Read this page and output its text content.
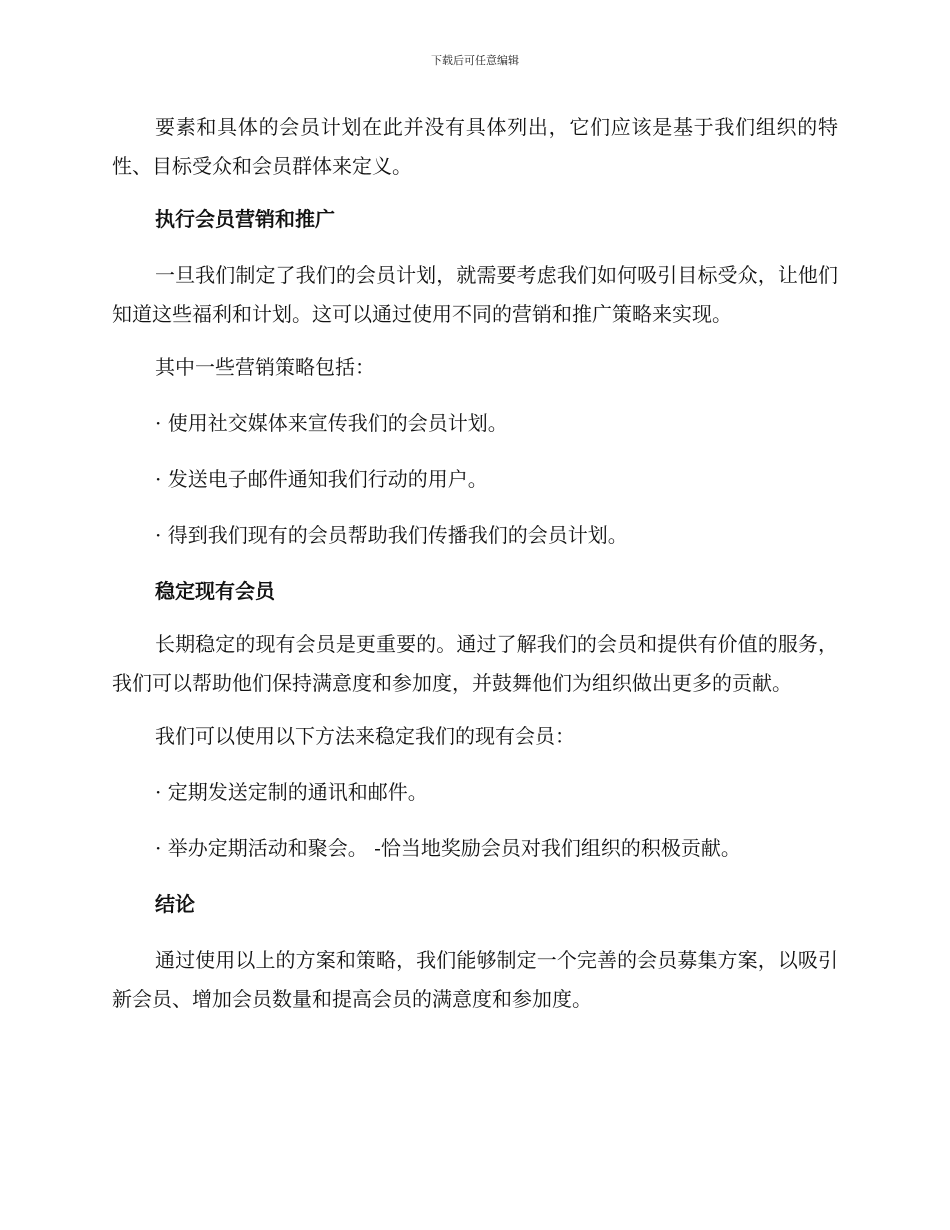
下载后可任意编辑

要素和具体的会员计划在此并没有具体列出，它们应该是基于我们组织的特性、目标受众和会员群体来定义。

执行会员营销和推广

一旦我们制定了我们的会员计划，就需要考虑我们如何吸引目标受众，让他们知道这些福利和计划。这可以通过使用不同的营销和推广策略来实现。

其中一些营销策略包括：

· 使用社交媒体来宣传我们的会员计划。
· 发送电子邮件通知我们行动的用户。
· 得到我们现有的会员帮助我们传播我们的会员计划。
稳定现有会员

长期稳定的现有会员是更重要的。通过了解我们的会员和提供有价值的服务，我们可以帮助他们保持满意度和参加度，并鼓舞他们为组织做出更多的贡献。

我们可以使用以下方法来稳定我们的现有会员：

· 定期发送定制的通讯和邮件。
· 举办定期活动和聚会。 -恰当地奖励会员对我们组织的积极贡献。
结论

通过使用以上的方案和策略，我们能够制定一个完善的会员募集方案，以吸引新会员、增加会员数量和提高会员的满意度和参加度。
